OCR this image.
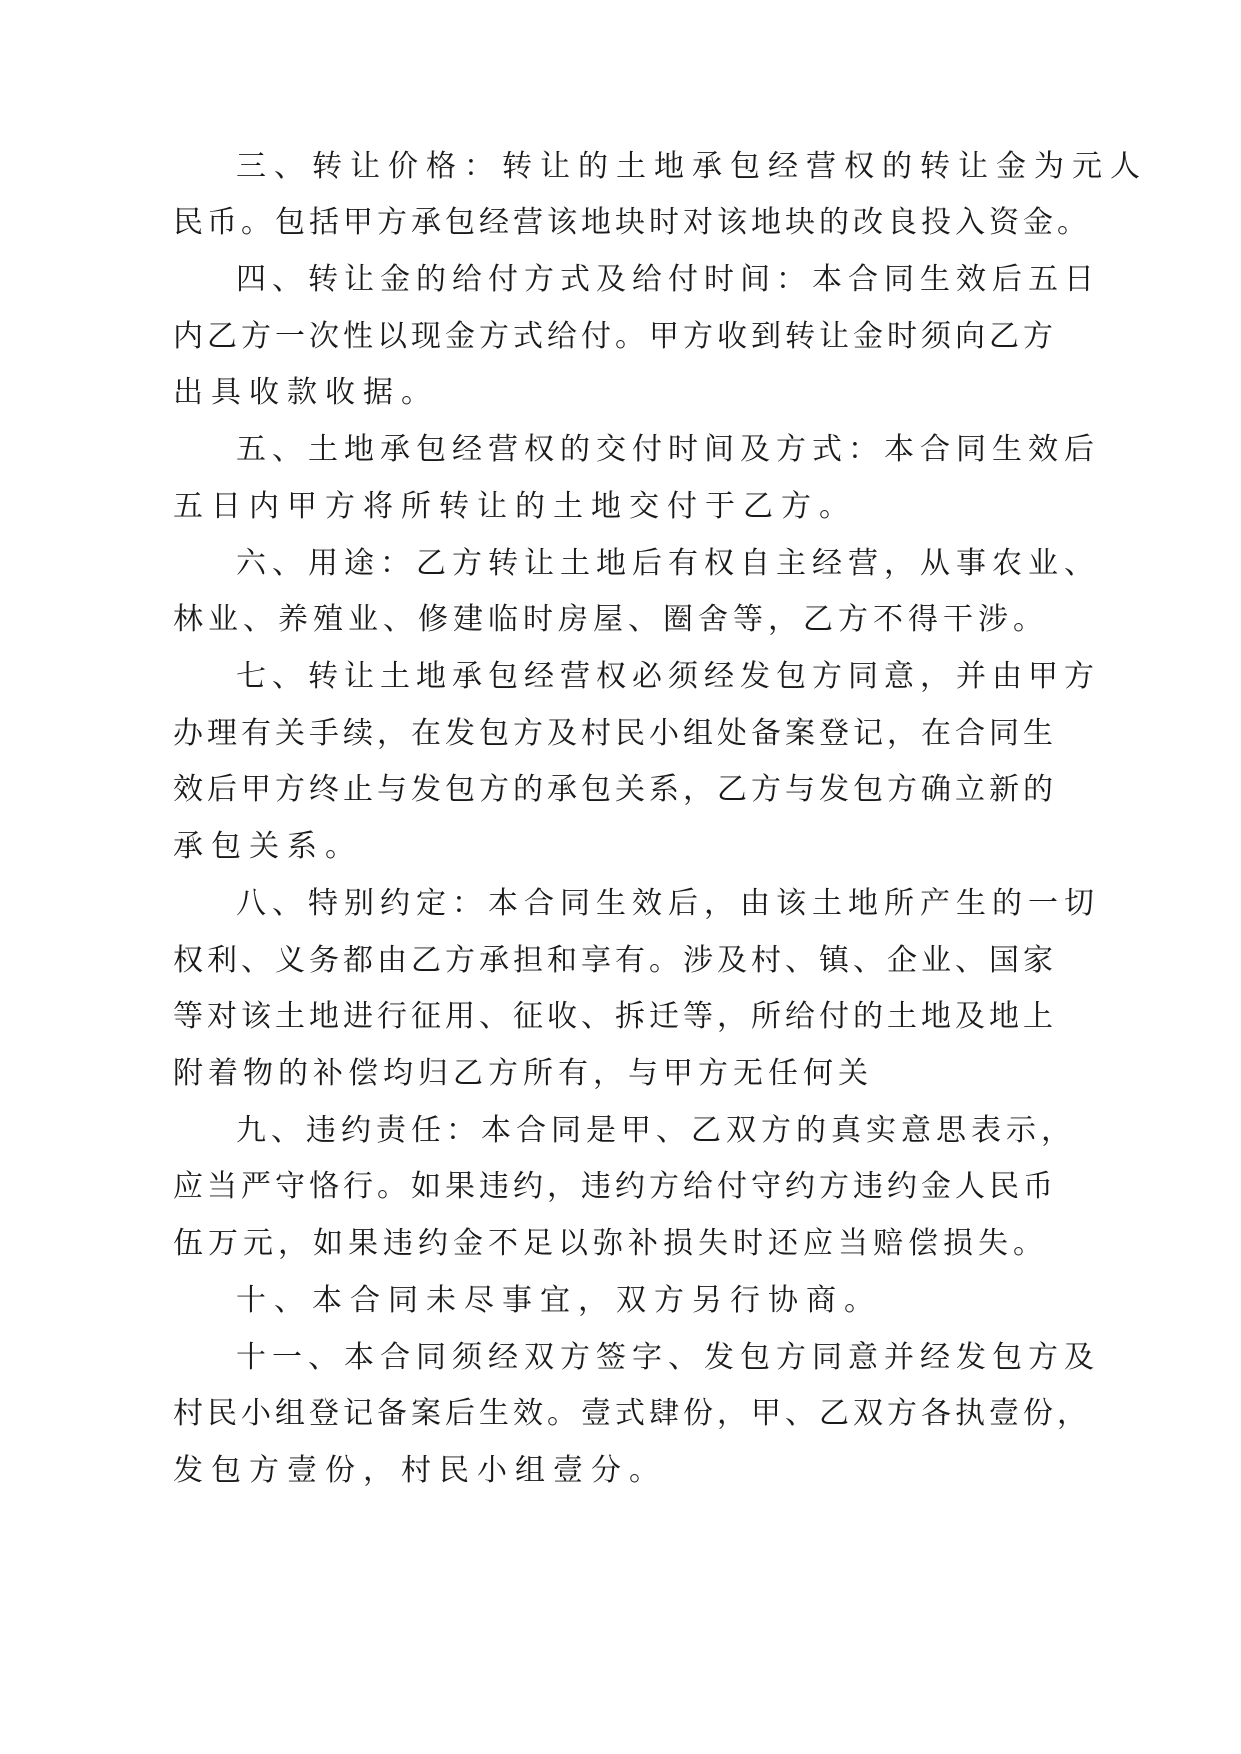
三、转让价格：转让的土地承包经营权的转让金为元人
民币。包括甲方承包经营该地块时对该地块的改良投入资金。
四、转让金的给付方式及给付时间：本合同生效后五日
内乙方一次性以现金方式给付。甲方收到转让金时须向乙方
出具收款收据。
五、土地承包经营权的交付时间及方式：本合同生效后
五日内甲方将所转让的土地交付于乙方。
六、用途：乙方转让土地后有权自主经营，从事农业、
林业、养殖业、修建临时房屋、圈舍等，乙方不得干涉。
七、转让土地承包经营权必须经发包方同意，并由甲方
办理有关手续，在发包方及村民小组处备案登记，在合同生
效后甲方终止与发包方的承包关系，乙方与发包方确立新的
承包关系。
八、特别约定：本合同生效后，由该土地所产生的一切
权利、义务都由乙方承担和享有。涉及村、镇、企业、国家
等对该土地进行征用、征收、拆迁等，所给付的土地及地上
附着物的补偿均归乙方所有，与甲方无任何关
九、违约责任：本合同是甲、乙双方的真实意思表示，
应当严守恪行。如果违约，违约方给付守约方违约金人民币
伍万元，如果违约金不足以弥补损失时还应当赔偿损失。
十、本合同未尽事宜，双方另行协商。
十一、本合同须经双方签字、发包方同意并经发包方及
村民小组登记备案后生效。壹式肆份，甲、乙双方各执壹份，
发包方壹份，村民小组壹分。
